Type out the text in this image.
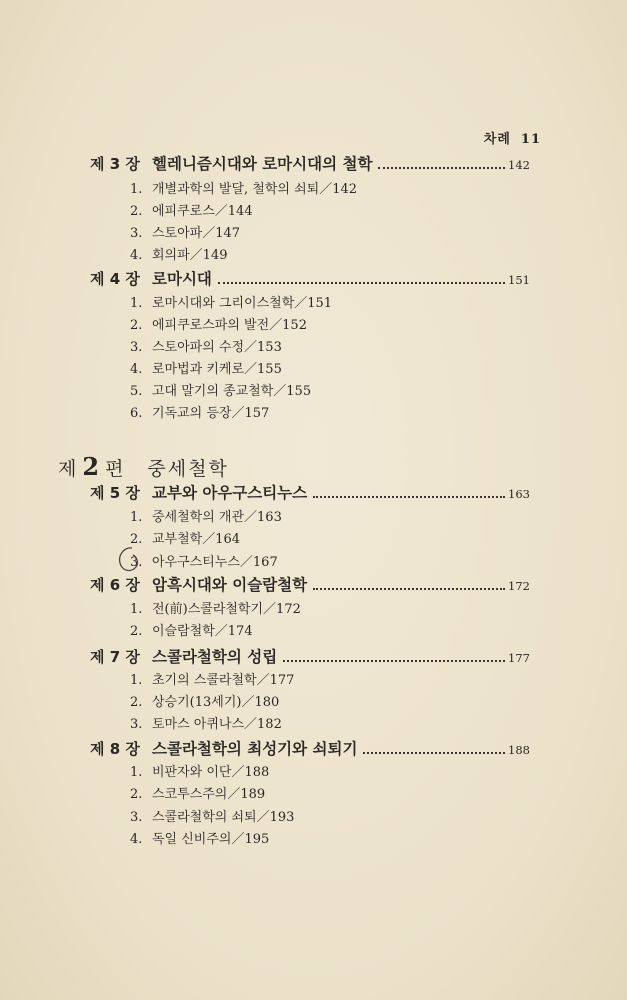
차례 11
제 2 편 중세철학
제 3 장 헬레니즘시대와 로마시대의 철학	142
1. 개별과학의 발달, 철학의 쇠퇴／142
2. 에피쿠로스／144
3. 스토아파／147
4. 회의파／149
제 4 장 로마시대	151
1. 로마시대와 그리이스철학／151
2. 에피쿠로스파의 발전／152
3. 스토아파의 수정／153
4. 로마법과 키케로／155
5. 고대 말기의 종교철학／155
6. 기독교의 등장／157
제 5 장 교부와 아우구스티누스	163
1. 중세철학의 개관／163
2. 교부철학／164
3. 아우구스티누스／167
제 6 장 암흑시대와 이슬람철학	172
1. 전(前)스콜라철학기／172
2. 이슬람철학／174
제 7 장 스콜라철학의 성립	177
1. 초기의 스콜라철학／177
2. 상승기(13세기)／180
3. 토마스 아퀴나스／182
제 8 장 스콜라철학의 최성기와 쇠퇴기	188
1. 비판자와 이단／188
2. 스코투스주의／189
3. 스콜라철학의 쇠퇴／193
4. 독일 신비주의／195
